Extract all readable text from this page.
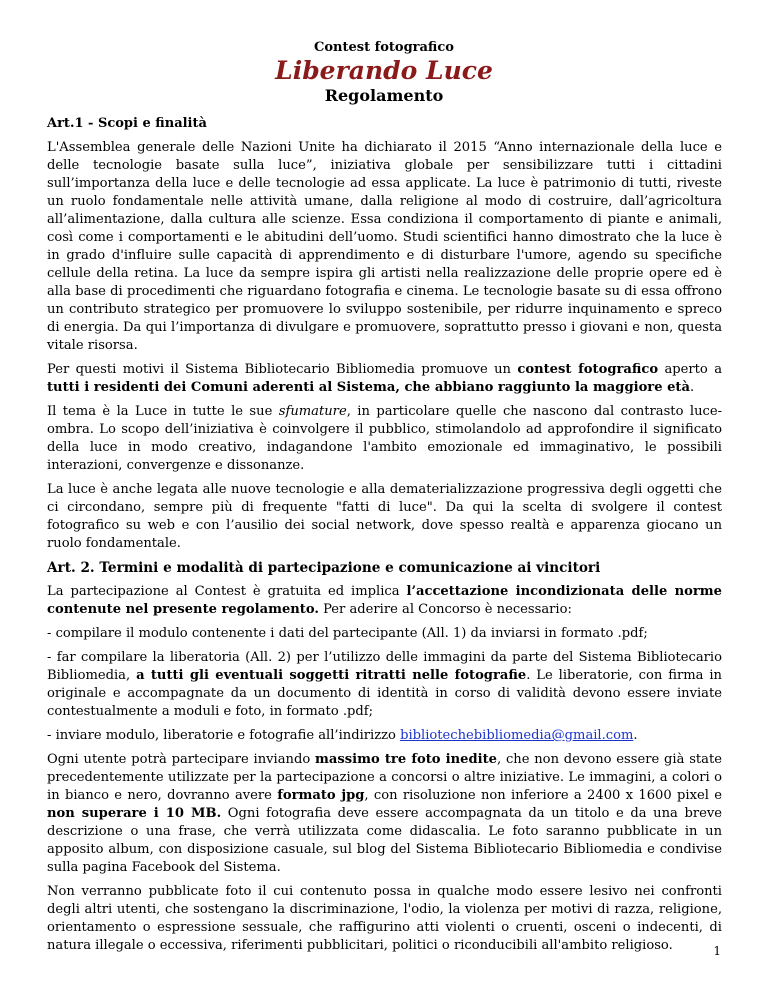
Contest fotografico

Liberando Luce

Regolamento

Art.1 - Scopi e finalità

L'Assemblea generale delle Nazioni Unite ha dichiarato il 2015 “Anno internazionale della luce e delle tecnologie basate sulla luce”, iniziativa globale per sensibilizzare tutti i cittadini sull’importanza della luce e delle tecnologie ad essa applicate. La luce è patrimonio di tutti, riveste un ruolo fondamentale nelle attività umane, dalla religione al modo di costruire, dall’agricoltura all’alimentazione, dalla cultura alle scienze. Essa condiziona il comportamento di piante e animali, così come i comportamenti e le abitudini dell’uomo. Studi scientifici hanno dimostrato che la luce è in grado d'influire sulle capacità di apprendimento e di disturbare l'umore, agendo su specifiche cellule della retina. La luce da sempre ispira gli artisti nella realizzazione delle proprie opere ed è alla base di procedimenti che riguardano fotografia e cinema. Le tecnologie basate su di essa offrono un contributo strategico per promuovere lo sviluppo sostenibile, per ridurre inquinamento e spreco di energia. Da qui l’importanza di divulgare e promuovere, soprattutto presso i giovani e non, questa vitale risorsa.

Per questi motivi il Sistema Bibliotecario Bibliomedia promuove un contest fotografico aperto a tutti i residenti dei Comuni aderenti al Sistema, che abbiano raggiunto la maggiore età.

Il tema è la Luce in tutte le sue sfumature, in particolare quelle che nascono dal contrasto luce-ombra. Lo scopo dell’iniziativa è coinvolgere il pubblico, stimolandolo ad approfondire il significato della luce in modo creativo, indagandone l'ambito emozionale ed immaginativo, le possibili interazioni, convergenze e dissonanze.

La luce è anche legata alle nuove tecnologie e alla dematerializzazione progressiva degli oggetti che ci circondano, sempre più di frequente "fatti di luce". Da qui la scelta di svolgere il contest fotografico su web e con l’ausilio dei social network, dove spesso realtà e apparenza giocano un ruolo fondamentale.

Art. 2. Termini e modalità di partecipazione e comunicazione ai vincitori

La partecipazione al Contest è gratuita ed implica l’accettazione incondizionata delle norme contenute nel presente regolamento. Per aderire al Concorso è necessario:

- compilare il modulo contenente i dati del partecipante (All. 1) da inviarsi in formato .pdf;

- far compilare la liberatoria (All. 2) per l’utilizzo delle immagini da parte del Sistema Bibliotecario Bibliomedia, a tutti gli eventuali soggetti ritratti nelle fotografie. Le liberatorie, con firma in originale e accompagnate da un documento di identità in corso di validità devono essere inviate contestualmente a moduli e foto, in formato .pdf;

- inviare modulo, liberatorie e fotografie all’indirizzo bibliotechebibliomedia@gmail.com.

Ogni utente potrà partecipare inviando massimo tre foto inedite, che non devono essere già state precedentemente utilizzate per la partecipazione a concorsi o altre iniziative. Le immagini, a colori o in bianco e nero, dovranno avere formato jpg, con risoluzione non inferiore a 2400 x 1600 pixel e non superare i 10 MB. Ogni fotografia deve essere accompagnata da un titolo e da una breve descrizione o una frase, che verrà utilizzata come didascalia. Le foto saranno pubblicate in un apposito album, con disposizione casuale, sul blog del Sistema Bibliotecario Bibliomedia e condivise sulla pagina Facebook del Sistema.

Non verranno pubblicate foto il cui contenuto possa in qualche modo essere lesivo nei confronti degli altri utenti, che sostengano la discriminazione, l'odio, la violenza per motivi di razza, religione, orientamento o espressione sessuale, che raffigurino atti violenti o cruenti, osceni o indecenti, di natura illegale o eccessiva, riferimenti pubblicitari, politici o riconducibili all'ambito religioso.	1
